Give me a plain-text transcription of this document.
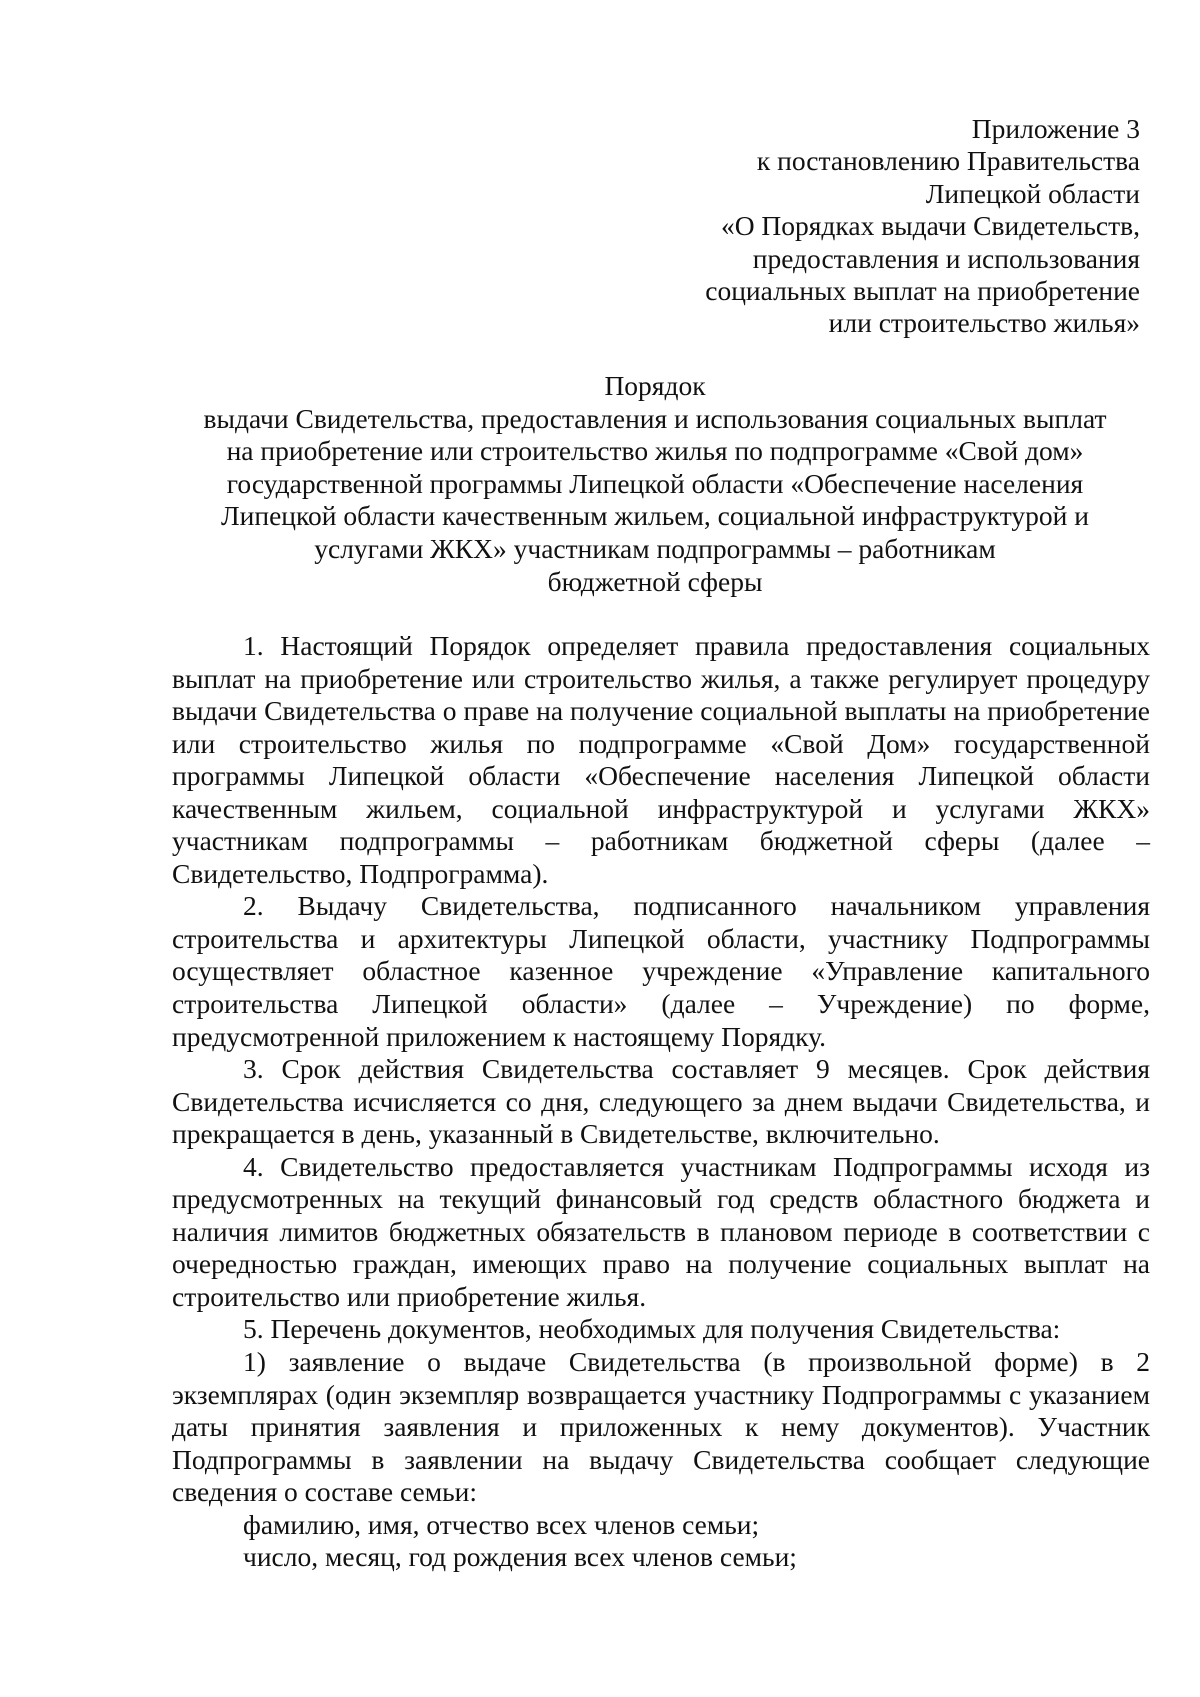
Приложение 3
к постановлению Правительства
Липецкой области
«О Порядках выдачи Свидетельств,
предоставления и использования
социальных выплат на приобретение
или строительство жилья»
Порядок
выдачи Свидетельства, предоставления и использования социальных выплат
на приобретение или строительство жилья по подпрограмме «Свой дом»
государственной программы Липецкой области «Обеспечение населения
Липецкой области качественным жильем, социальной инфраструктурой и
услугами ЖКХ» участникам подпрограммы – работникам
бюджетной сферы

1. Настоящий Порядок определяет правила предоставления социальных выплат на приобретение или строительство жилья, а также регулирует процедуру выдачи Свидетельства о праве на получение социальной выплаты на приобретение или строительство жилья по подпрограмме «Свой Дом» государственной программы Липецкой области «Обеспечение населения Липецкой области качественным жильем, социальной инфраструктурой и услугами ЖКХ» участникам подпрограммы – работникам бюджетной сферы (далее – Свидетельство, Подпрограмма).

2. Выдачу Свидетельства, подписанного начальником управления строительства и архитектуры Липецкой области, участнику Подпрограммы осуществляет областное казенное учреждение «Управление капитального строительства Липецкой области» (далее – Учреждение) по форме, предусмотренной приложением к настоящему Порядку.

3. Срок действия Свидетельства составляет 9 месяцев. Срок действия Свидетельства исчисляется со дня, следующего за днем выдачи Свидетельства, и прекращается в день, указанный в Свидетельстве, включительно.

4. Свидетельство предоставляется участникам Подпрограммы исходя из предусмотренных на текущий финансовый год средств областного бюджета и наличия лимитов бюджетных обязательств в плановом периоде в соответствии с очередностью граждан, имеющих право на получение социальных выплат на строительство или приобретение жилья.

5. Перечень документов, необходимых для получения Свидетельства:

1) заявление о выдаче Свидетельства (в произвольной форме) в 2 экземплярах (один экземпляр возвращается участнику Подпрограммы с указанием даты принятия заявления и приложенных к нему документов). Участник Подпрограммы в заявлении на выдачу Свидетельства сообщает следующие сведения о составе семьи:

фамилию, имя, отчество всех членов семьи;

число, месяц, год рождения всех членов семьи;
